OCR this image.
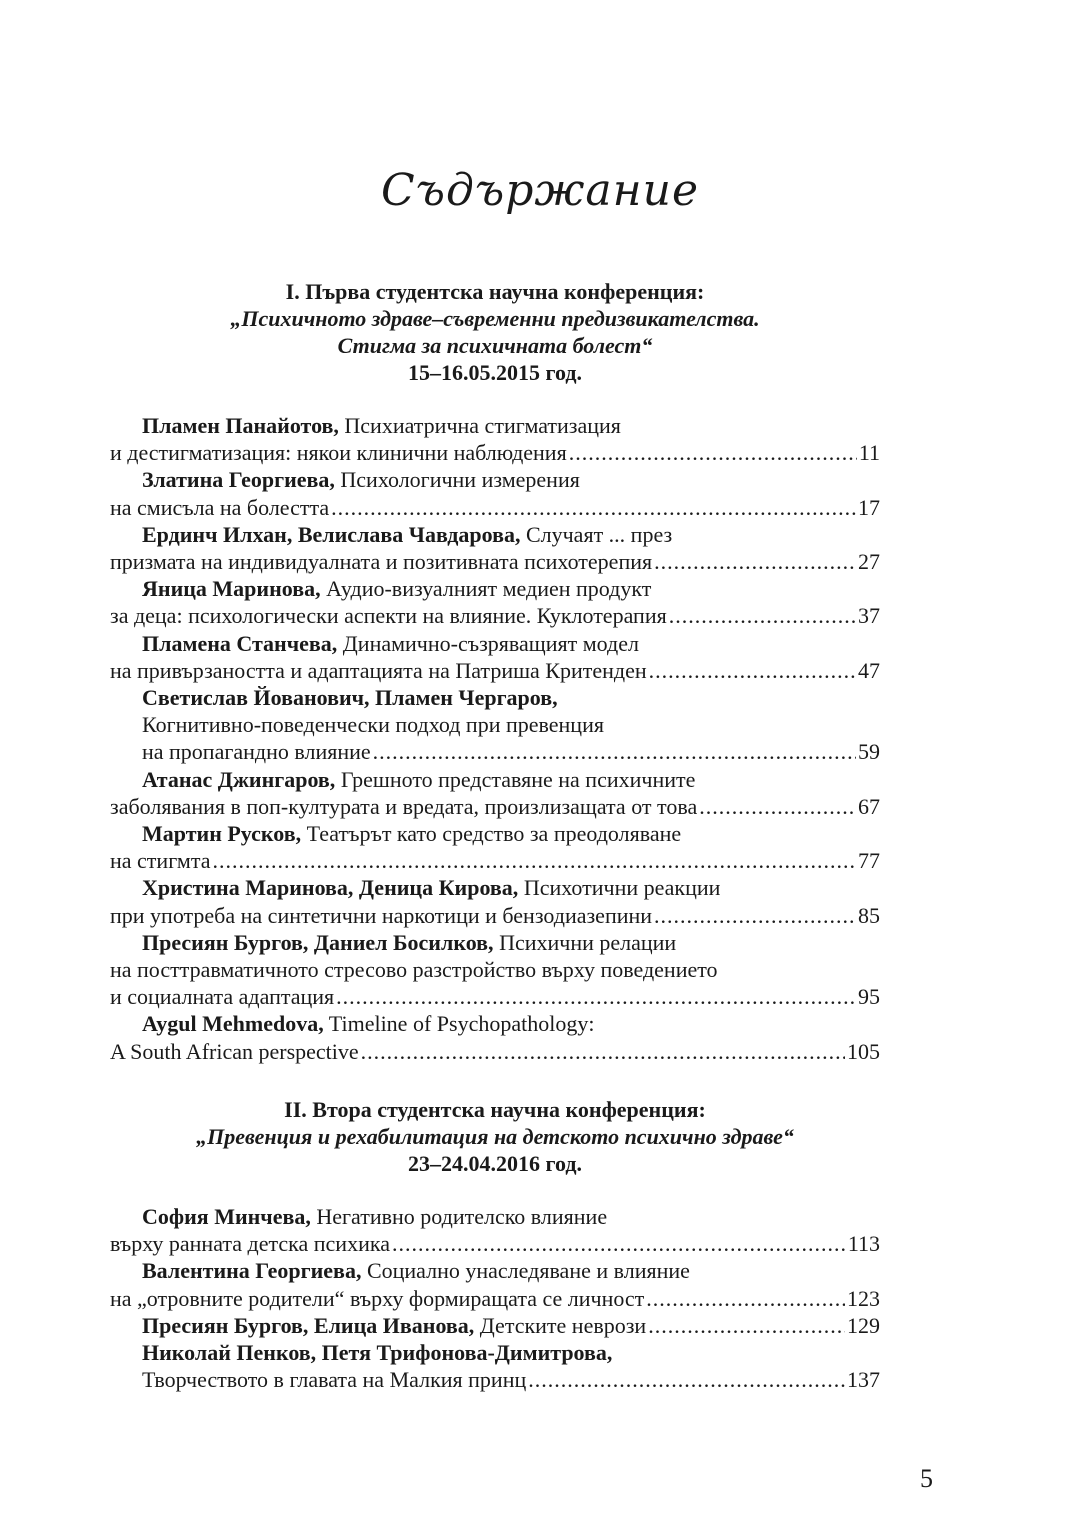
Съдържание
I. Първа студентска научна конференция:
„Психичното здраве–съвременни предизвикателства.
Стигма за психичната болест“
15–16.05.2015 год.
Пламен Панайотов, Психиатрична стигматизация
и дестигматизация: някои клинични наблюдения .....	11
Златина Георгиева, Психологични измерения
на смисъла на болестта .....	17
Ердинч Илхан, Велислава Чавдарова, Случаят ... през
призмата на индивидуалната и позитивната психотерепия .....	27
Яница Маринова, Аудио-визуалният медиен продукт
за деца: психологически аспекти на влияние. Куклотерапия .....	37
Пламена Станчева, Динамично-съзряващият модел
на привързаността и адаптацията на Патриша Критенден .....	47
Светислав Йованович, Пламен Чергаров,
Когнитивно-поведенчески подход при превенция
на пропагандно влияние .....	59
Атанас Джингаров, Грешното представяне на психичните
заболявания в поп-културата и вредата, произлизащата от това .....	67
Мартин Русков, Театърът като средство за преодоляване
на стигмта .....	77
Христина Маринова, Деница Кирова, Психотични реакции
при употреба на синтетични наркотици и бензодиазепини .....	85
Пресиян Бургов, Даниел Босилков, Психични релации
на посттравматичното стресово разстройство върху поведението
и социалната адаптация .....	95
Aygul Mehmedova, Timeline of Psychopathology:
A South African perspective .....	105
II. Втора студентска научна конференция:
„Превенция и рехабилитация на детското психично здраве“
23–24.04.2016 год.
София Минчева, Негативно родителско влияние
върху ранната детска психика .....	113
Валентина Георгиева, Социално унаследяване и влияние
на „отровните родители“ върху формиращата се личност .....	123
Пресиян Бургов, Елица Иванова, Детските неврози .....	129
Николай Пенков, Петя Трифонова-Димитрова,
Творчеството в главата на Малкия принц .....	137
5
